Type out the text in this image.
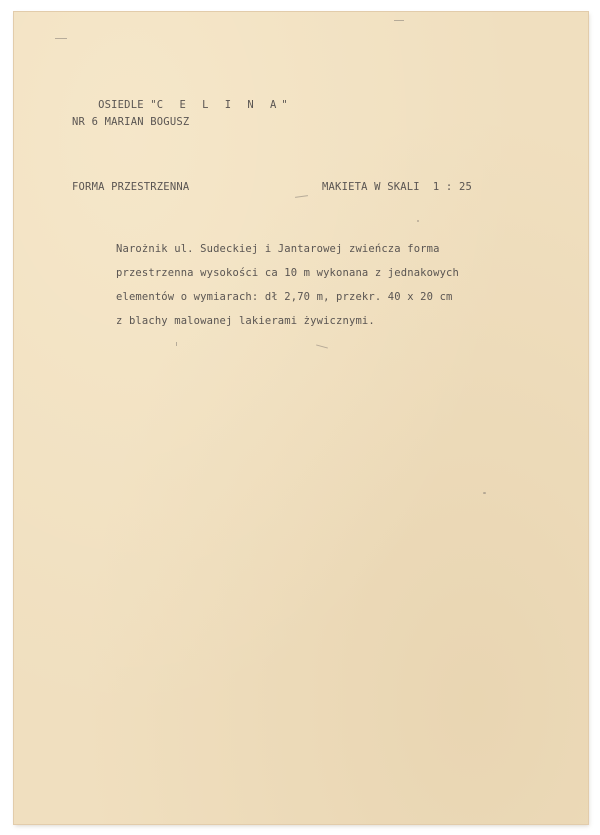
OSIEDLE "C E L I N A"

NR 6 MARIAN BOGUSZ
FORMA PRZESTRZENNA	MAKIETA W SKALI  1 : 25
Narożnik ul. Sudeckiej i Jantarowej zwieńcza forma
przestrzenna wysokości ca 10 m wykonana z jednakowych
elementów o wymiarach: dł 2,70 m, przekr. 40 x 20 cm
z blachy malowanej lakierami żywicznymi.
